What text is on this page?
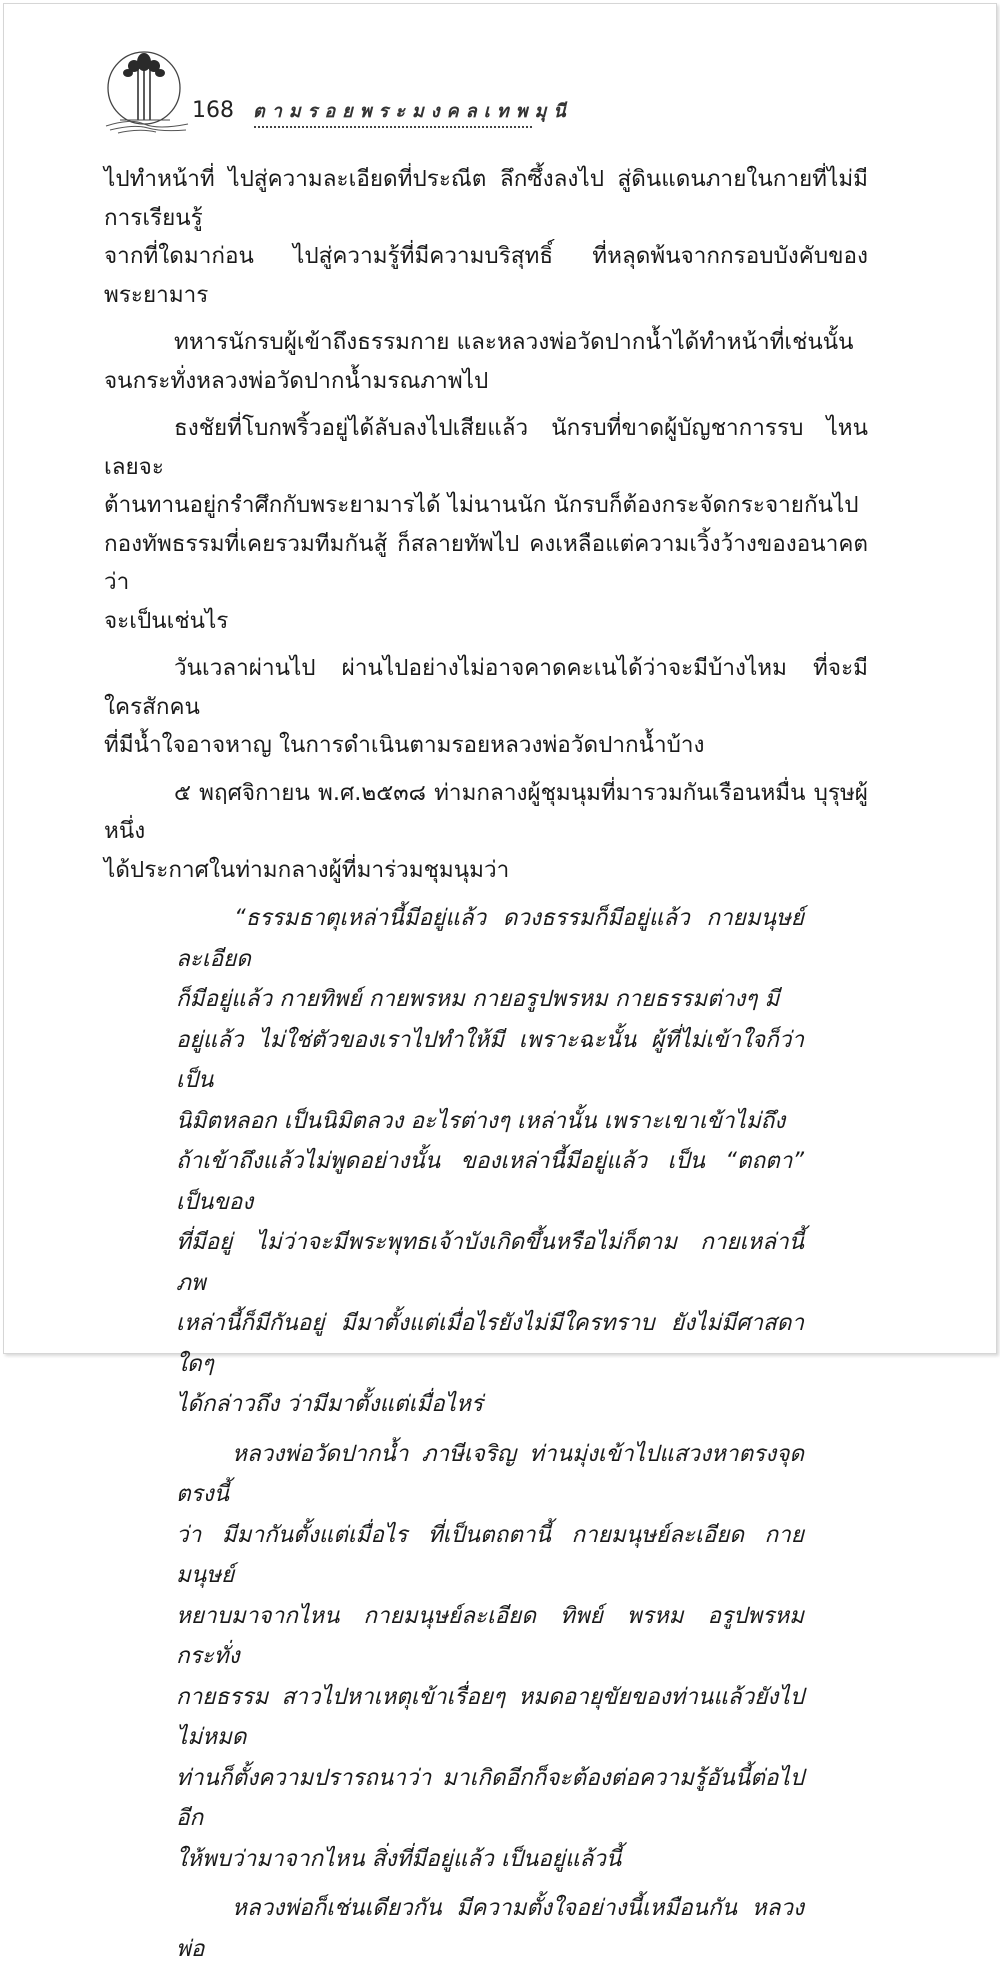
168 ตามรอยพระมงคลเทพมุนี

ไปทำหน้าที่ ไปสู่ความละเอียดที่ประณีต ลึกซึ้งลงไป สู่ดินแดนภายในกายที่ไม่มีการเรียนรู้
จากที่ใดมาก่อน ไปสู่ความรู้ที่มีความบริสุทธิ์ ที่หลุดพ้นจากกรอบบังคับของพระยามาร

ทหารนักรบผู้เข้าถึงธรรมกาย และหลวงพ่อวัดปากน้ำได้ทำหน้าที่เช่นนั้น
จนกระทั่งหลวงพ่อวัดปากน้ำมรณภาพไป

ธงชัยที่โบกพริ้วอยู่ได้ลับลงไปเสียแล้ว นักรบที่ขาดผู้บัญชาการรบ ไหนเลยจะ
ต้านทานอยู่กรำศึกกับพระยามารได้ ไม่นานนัก นักรบก็ต้องกระจัดกระจายกันไป
กองทัพธรรมที่เคยรวมทีมกันสู้ ก็สลายทัพไป คงเหลือแต่ความเวิ้งว้างของอนาคตว่า
จะเป็นเช่นไร

วันเวลาผ่านไป ผ่านไปอย่างไม่อาจคาดคะเนได้ว่าจะมีบ้างไหม ที่จะมีใครสักคน
ที่มีน้ำใจอาจหาญ ในการดำเนินตามรอยหลวงพ่อวัดปากน้ำบ้าง

๕ พฤศจิกายน พ.ศ.๒๕๓๘ ท่ามกลางผู้ชุมนุมที่มารวมกันเรือนหมื่น บุรุษผู้หนึ่ง
ได้ประกาศในท่ามกลางผู้ที่มาร่วมชุมนุมว่า

“ธรรมธาตุเหล่านี้มีอยู่แล้ว ดวงธรรมก็มีอยู่แล้ว กายมนุษย์ละเอียด
ก็มีอยู่แล้ว กายทิพย์ กายพรหม กายอรูปพรหม กายธรรมต่างๆ มี
อยู่แล้ว ไม่ใช่ตัวของเราไปทำให้มี เพราะฉะนั้น ผู้ที่ไม่เข้าใจก็ว่า เป็น
นิมิตหลอก เป็นนิมิตลวง อะไรต่างๆ เหล่านั้น เพราะเขาเข้าไม่ถึง
ถ้าเข้าถึงแล้วไม่พูดอย่างนั้น ของเหล่านี้มีอยู่แล้ว เป็น “ตถตา” เป็นของ
ที่มีอยู่ ไม่ว่าจะมีพระพุทธเจ้าบังเกิดขึ้นหรือไม่ก็ตาม กายเหล่านี้ ภพ
เหล่านี้ก็มีกันอยู่ มีมาตั้งแต่เมื่อไรยังไม่มีใครทราบ ยังไม่มีศาสดาใดๆ
ได้กล่าวถึง ว่ามีมาตั้งแต่เมื่อไหร่

หลวงพ่อวัดปากน้ำ ภาษีเจริญ ท่านมุ่งเข้าไปแสวงหาตรงจุดตรงนี้
ว่า มีมากันตั้งแต่เมื่อไร ที่เป็นตถตานี้ กายมนุษย์ละเอียด กายมนุษย์
หยาบมาจากไหน กายมนุษย์ละเอียด ทิพย์ พรหม อรูปพรหม กระทั่ง
กายธรรม สาวไปหาเหตุเข้าเรื่อยๆ หมดอายุขัยของท่านแล้วยังไปไม่หมด
ท่านก็ตั้งความปรารถนาว่า มาเกิดอีกก็จะต้องต่อความรู้อันนี้ต่อไปอีก
ให้พบว่ามาจากไหน สิ่งที่มีอยู่แล้ว เป็นอยู่แล้วนี้

หลวงพ่อก็เช่นเดียวกัน มีความตั้งใจอย่างนี้เหมือนกัน หลวงพ่อ
